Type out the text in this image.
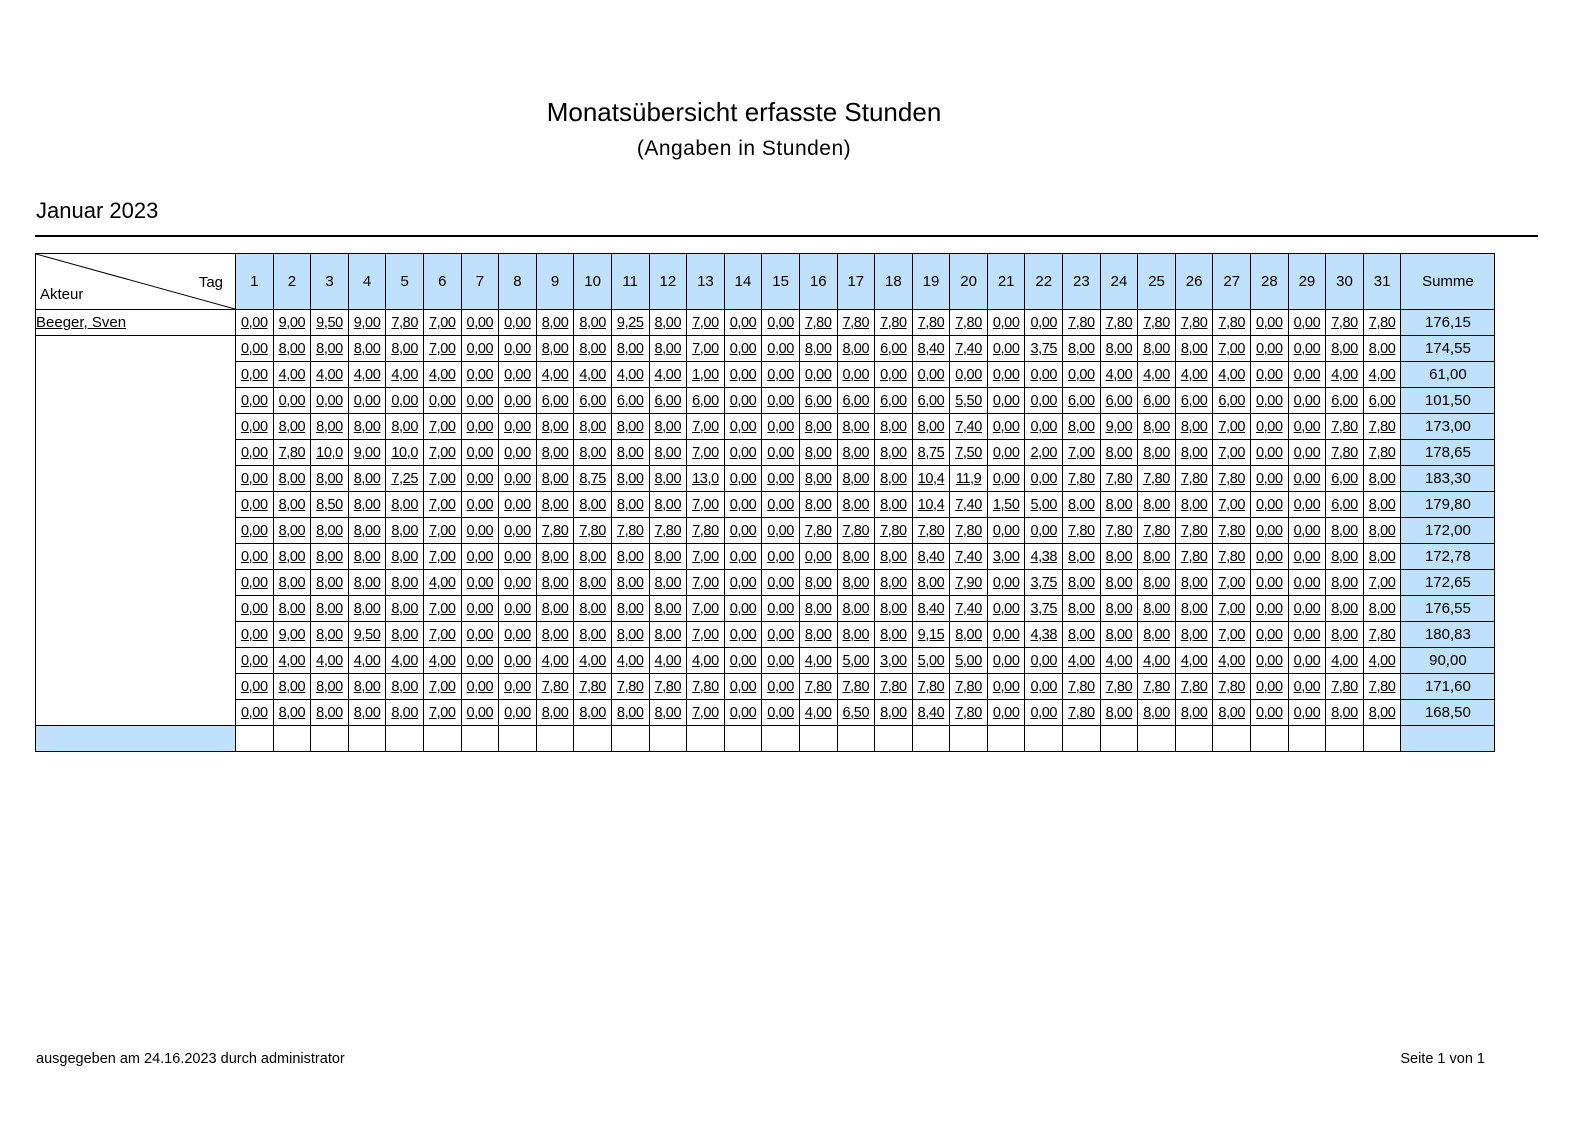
Monatsübersicht erfasste Stunden
(Angaben in Stunden)
Januar 2023
Tag
Akteur	1	2	3	4	5	6	7	8	9	10	11	12	13	14	15	16	17	18	19	20	21	22	23	24	25	26	27	28	29	30	31	Summe
Beeger, Sven	0,00	9,00	9,50	9,00	7,80	7,00	0,00	0,00	8,00	8,00	9,25	8,00	7,00	0,00	0,00	7,80	7,80	7,80	7,80	7,80	0,00	0,00	7,80	7,80	7,80	7,80	7,80	0,00	0,00	7,80	7,80	176,15
	0,00	8,00	8,00	8,00	8,00	7,00	0,00	0,00	8,00	8,00	8,00	8,00	7,00	0,00	0,00	8,00	8,00	6,00	8,40	7,40	0,00	3,75	8,00	8,00	8,00	8,00	7,00	0,00	0,00	8,00	8,00	174,55
	0,00	4,00	4,00	4,00	4,00	4,00	0,00	0,00	4,00	4,00	4,00	4,00	1,00	0,00	0,00	0,00	0,00	0,00	0,00	0,00	0,00	0,00	0,00	4,00	4,00	4,00	4,00	0,00	0,00	4,00	4,00	61,00
	0,00	0,00	0,00	0,00	0,00	0,00	0,00	0,00	6,00	6,00	6,00	6,00	6,00	0,00	0,00	6,00	6,00	6,00	6,00	5,50	0,00	0,00	6,00	6,00	6,00	6,00	6,00	0,00	0,00	6,00	6,00	101,50
	0,00	8,00	8,00	8,00	8,00	7,00	0,00	0,00	8,00	8,00	8,00	8,00	7,00	0,00	0,00	8,00	8,00	8,00	8,00	7,40	0,00	0,00	8,00	9,00	8,00	8,00	7,00	0,00	0,00	7,80	7,80	173,00
	0,00	7,80	10,0	9,00	10,0	7,00	0,00	0,00	8,00	8,00	8,00	8,00	7,00	0,00	0,00	8,00	8,00	8,00	8,75	7,50	0,00	2,00	7,00	8,00	8,00	8,00	7,00	0,00	0,00	7,80	7,80	178,65
	0,00	8,00	8,00	8,00	7,25	7,00	0,00	0,00	8,00	8,75	8,00	8,00	13,0	0,00	0,00	8,00	8,00	8,00	10,4	11,9	0,00	0,00	7,80	7,80	7,80	7,80	7,80	0,00	0,00	6,00	8,00	183,30
	0,00	8,00	8,50	8,00	8,00	7,00	0,00	0,00	8,00	8,00	8,00	8,00	7,00	0,00	0,00	8,00	8,00	8,00	10,4	7,40	1,50	5,00	8,00	8,00	8,00	8,00	7,00	0,00	0,00	6,00	8,00	179,80
	0,00	8,00	8,00	8,00	8,00	7,00	0,00	0,00	7,80	7,80	7,80	7,80	7,80	0,00	0,00	7,80	7,80	7,80	7,80	7,80	0,00	0,00	7,80	7,80	7,80	7,80	7,80	0,00	0,00	8,00	8,00	172,00
	0,00	8,00	8,00	8,00	8,00	7,00	0,00	0,00	8,00	8,00	8,00	8,00	7,00	0,00	0,00	0,00	8,00	8,00	8,40	7,40	3,00	4,38	8,00	8,00	8,00	7,80	7,80	0,00	0,00	8,00	8,00	172,78
	0,00	8,00	8,00	8,00	8,00	4,00	0,00	0,00	8,00	8,00	8,00	8,00	7,00	0,00	0,00	8,00	8,00	8,00	8,00	7,90	0,00	3,75	8,00	8,00	8,00	8,00	7,00	0,00	0,00	8,00	7,00	172,65
	0,00	8,00	8,00	8,00	8,00	7,00	0,00	0,00	8,00	8,00	8,00	8,00	7,00	0,00	0,00	8,00	8,00	8,00	8,40	7,40	0,00	3,75	8,00	8,00	8,00	8,00	7,00	0,00	0,00	8,00	8,00	176,55
	0,00	9,00	8,00	9,50	8,00	7,00	0,00	0,00	8,00	8,00	8,00	8,00	7,00	0,00	0,00	8,00	8,00	8,00	9,15	8,00	0,00	4,38	8,00	8,00	8,00	8,00	7,00	0,00	0,00	8,00	7,80	180,83
	0,00	4,00	4,00	4,00	4,00	4,00	0,00	0,00	4,00	4,00	4,00	4,00	4,00	0,00	0,00	4,00	5,00	3,00	5,00	5,00	0,00	0,00	4,00	4,00	4,00	4,00	4,00	0,00	0,00	4,00	4,00	90,00
	0,00	8,00	8,00	8,00	8,00	7,00	0,00	0,00	7,80	7,80	7,80	7,80	7,80	0,00	0,00	7,80	7,80	7,80	7,80	7,80	0,00	0,00	7,80	7,80	7,80	7,80	7,80	0,00	0,00	7,80	7,80	171,60
	0,00	8,00	8,00	8,00	8,00	7,00	0,00	0,00	8,00	8,00	8,00	8,00	7,00	0,00	0,00	4,00	6,50	8,00	8,40	7,80	0,00	0,00	7,80	8,00	8,00	8,00	8,00	0,00	0,00	8,00	8,00	168,50

ausgegeben am 24.16.2023 durch administrator	Seite 1 von 1
